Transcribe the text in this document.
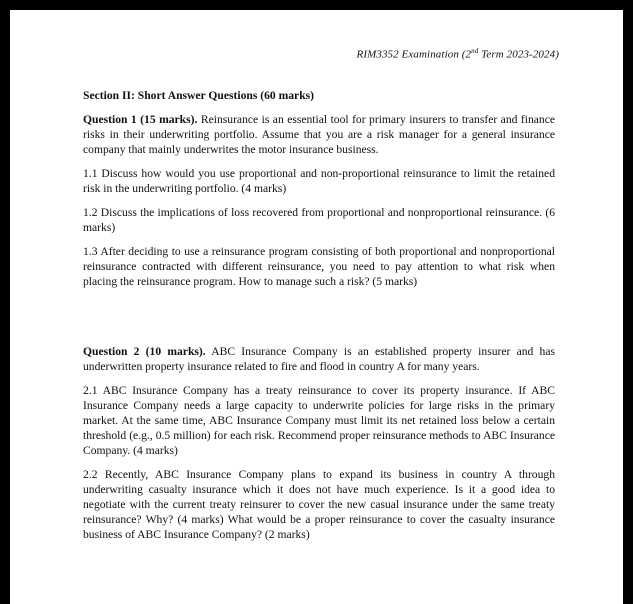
RIM3352 Examination (2nd Term 2023-2024)
Section II: Short Answer Questions (60 marks)

Question 1 (15 marks). Reinsurance is an essential tool for primary insurers to transfer and finance risks in their underwriting portfolio. Assume that you are a risk manager for a general insurance company that mainly underwrites the motor insurance business.

1.1 Discuss how would you use proportional and non-proportional reinsurance to limit the retained risk in the underwriting portfolio. (4 marks)

1.2 Discuss the implications of loss recovered from proportional and nonproportional reinsurance. (6 marks)

1.3 After deciding to use a reinsurance program consisting of both proportional and nonproportional reinsurance contracted with different reinsurance, you need to pay attention to what risk when placing the reinsurance program. How to manage such a risk? (5 marks)

Question 2 (10 marks). ABC Insurance Company is an established property insurer and has underwritten property insurance related to fire and flood in country A for many years.

2.1 ABC Insurance Company has a treaty reinsurance to cover its property insurance. If ABC Insurance Company needs a large capacity to underwrite policies for large risks in the primary market. At the same time, ABC Insurance Company must limit its net retained loss below a certain threshold (e.g., 0.5 million) for each risk. Recommend proper reinsurance methods to ABC Insurance Company. (4 marks)

2.2 Recently, ABC Insurance Company plans to expand its business in country A through underwriting casualty insurance which it does not have much experience. Is it a good idea to negotiate with the current treaty reinsurer to cover the new casual insurance under the same treaty reinsurance? Why? (4 marks) What would be a proper reinsurance to cover the casualty insurance business of ABC Insurance Company? (2 marks)
